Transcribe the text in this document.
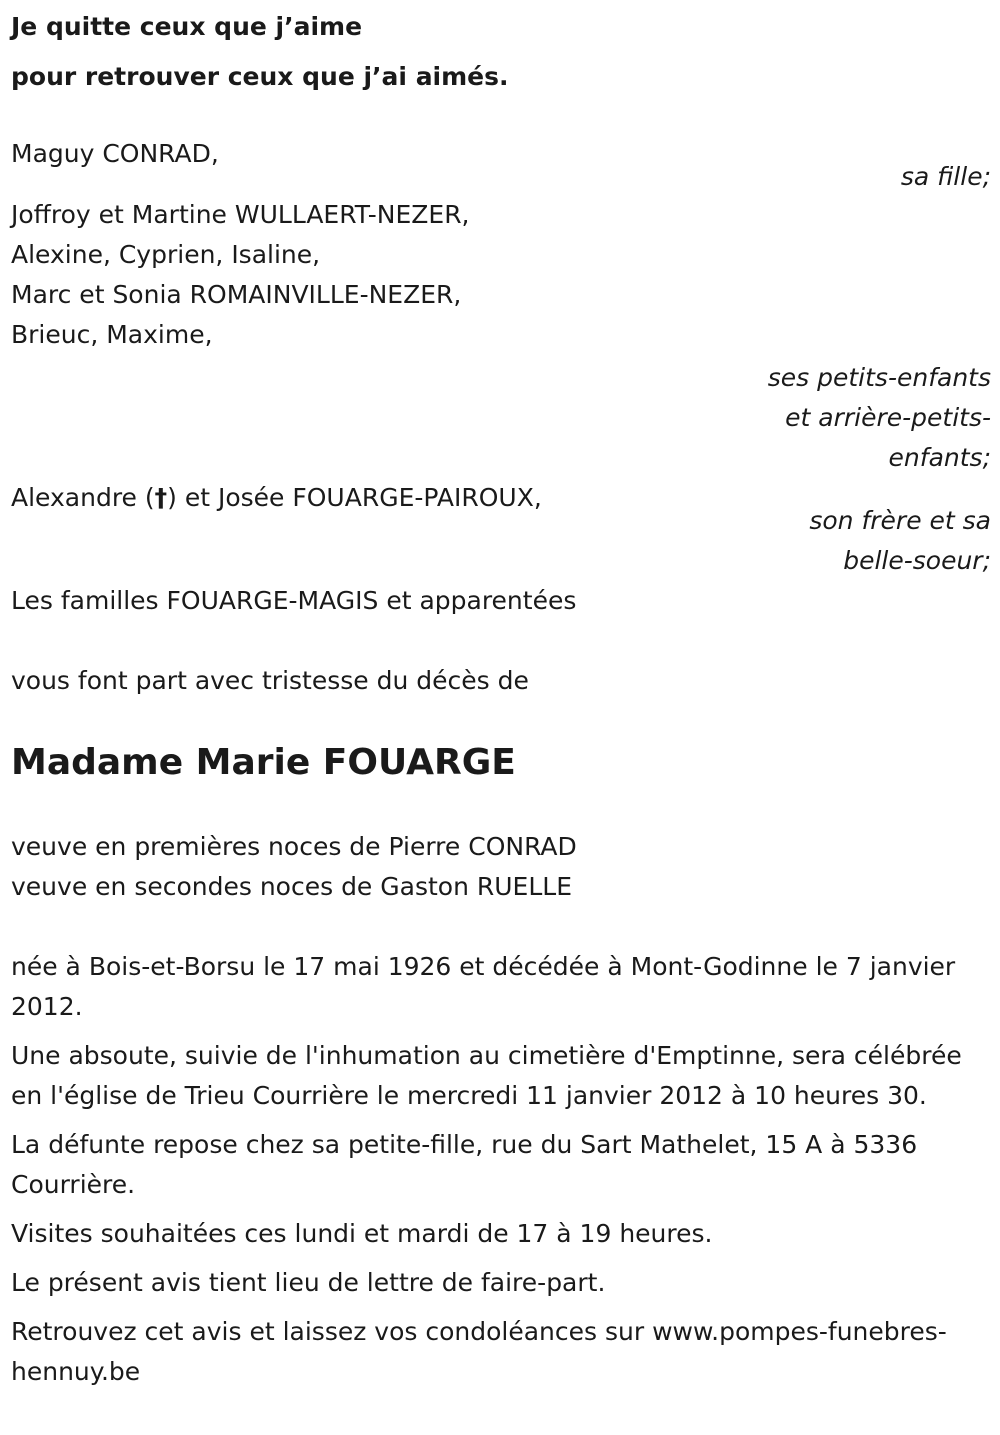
Je quitte ceux que j’aime
pour retrouver ceux que j’ai aimés.
Maguy CONRAD,
sa fille;
Joffroy et Martine WULLAERT-NEZER,
Alexine, Cyprien, Isaline,
Marc et Sonia ROMAINVILLE-NEZER,
Brieuc, Maxime,
ses petits-enfants
et arrière-petits-
enfants;
Alexandre (†) et Josée FOUARGE-PAIROUX,
son frère et sa
belle-soeur;
Les familles FOUARGE-MAGIS et apparentées
vous font part avec tristesse du décès de
Madame Marie FOUARGE
veuve en premières noces de Pierre CONRAD
veuve en secondes noces de Gaston RUELLE
née à Bois-et-Borsu le 17 mai 1926 et décédée à Mont-Godinne le 7 janvier 2012.
Une absoute, suivie de l'inhumation au cimetière d'Emptinne, sera célébrée en l'église de Trieu Courrière le mercredi 11 janvier 2012 à 10 heures 30.
La défunte repose chez sa petite-fille, rue du Sart Mathelet, 15 A à 5336 Courrière.
Visites souhaitées ces lundi et mardi de 17 à 19 heures.
Le présent avis tient lieu de lettre de faire-part.
Retrouvez cet avis et laissez vos condoléances sur www.pompes-funebres-hennuy.be
